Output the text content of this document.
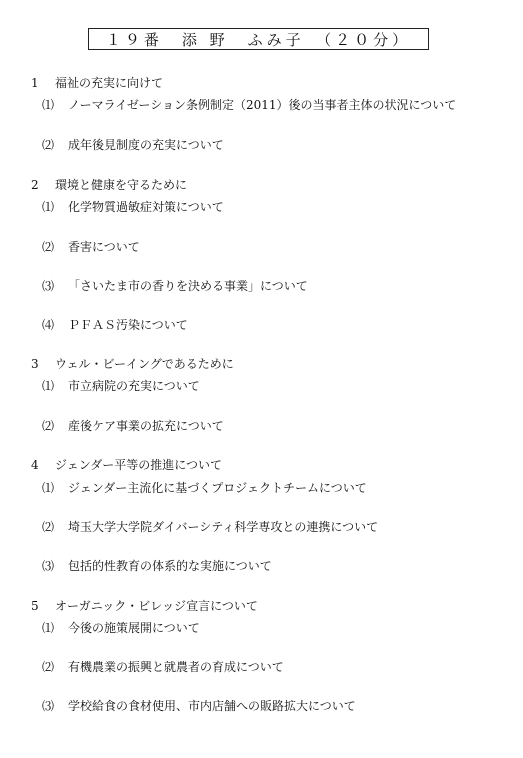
１９番　添 野　ふみ子　（２０分）
1 福祉の充実に向けて
⑴ ノーマライゼーション条例制定（2011）後の当事者主体の状況について
⑵ 成年後見制度の充実について
2 環境と健康を守るために
⑴ 化学物質過敏症対策について
⑵ 香害について
⑶ 「さいたま市の香りを決める事業」について
⑷ ＰＦＡＳ汚染について
3 ウェル・ビーイングであるために
⑴ 市立病院の充実について
⑵ 産後ケア事業の拡充について
4 ジェンダー平等の推進について
⑴ ジェンダー主流化に基づくプロジェクトチームについて
⑵ 埼玉大学大学院ダイバーシティ科学専攻との連携について
⑶ 包括的性教育の体系的な実施について
5 オーガニック・ビレッジ宣言について
⑴ 今後の施策展開について
⑵ 有機農業の振興と就農者の育成について
⑶ 学校給食の食材使用、市内店舗への販路拡大について
